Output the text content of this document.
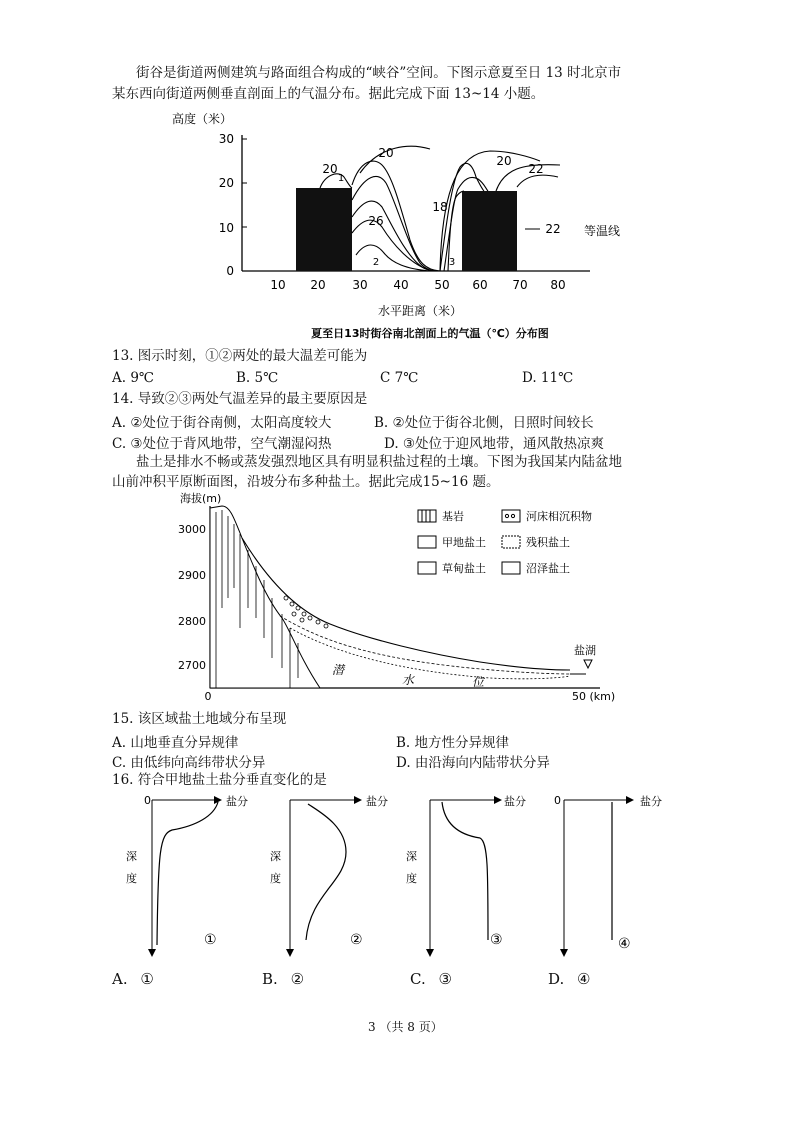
街谷是街道两侧建筑与路面组合构成的“峡谷”空间。下图示意夏至日 13 时北京市
某东西向街道两侧垂直剖面上的气温分布。据此完成下面 13~14 小题。
高度（米）
30
20
10
0
10 20 30 40 50 60 70 80
20
1
20
20
22
26
18
2	3
22 等温线
水平距离（米）
夏至日13时街谷南北剖面上的气温（℃）分布图
13. 图示时刻，①②两处的最大温差可能为
A. 9℃	B. 5℃	C 7℃	D. 11℃
14. 导致②③两处气温差异的最主要原因是
A. ②处位于街谷南侧，太阳高度较大	B. ②处位于街谷北侧，日照时间较长
C. ③处位于背风地带，空气潮湿闷热	D. ③处位于迎风地带，通风散热凉爽
盐土是排水不畅或蒸发强烈地区具有明显积盐过程的土壤。下图为我国某内陆盆地
山前冲积平原断面图，沿坡分布多种盐土。据此完成15~16 题。
海拔(m)
3000
2900
2800
2700
0	50 (km)
盐湖
潜
水	位
基岩	河床相沉积物
甲地盐土	残积盐土
草甸盐土	沼泽盐土
15. 该区域盐土地域分布呈现
A. 山地垂直分异规律	B. 地方性分异规律
C. 由低纬向高纬带状分异	D. 由沿海向内陆带状分异
16. 符合甲地盐土盐分垂直变化的是
0	盐分
深
度
①
盐分
深
度
②
盐分
深
度
③
0	盐分
④
A. ①	B. ②	C. ③	D. ④
3 （共 8 页）
